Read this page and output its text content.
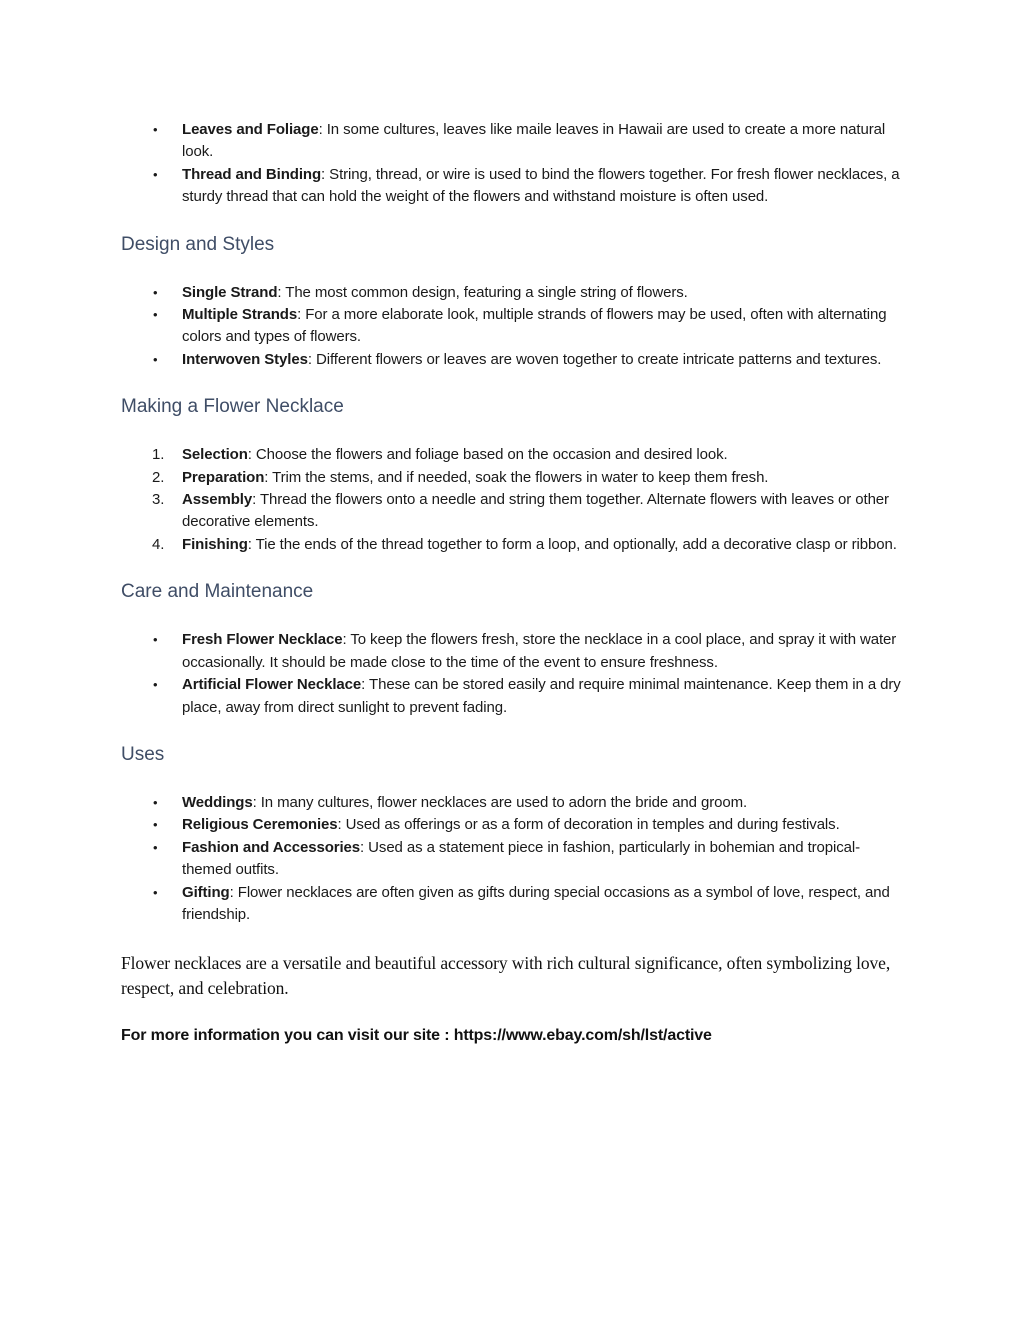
• Leaves and Foliage: In some cultures, leaves like maile leaves in Hawaii are used to create a more natural look.
• Thread and Binding: String, thread, or wire is used to bind the flowers together. For fresh flower necklaces, a sturdy thread that can hold the weight of the flowers and withstand moisture is often used.
Design and Styles
• Single Strand: The most common design, featuring a single string of flowers.
• Multiple Strands: For a more elaborate look, multiple strands of flowers may be used, often with alternating colors and types of flowers.
• Interwoven Styles: Different flowers or leaves are woven together to create intricate patterns and textures.
Making a Flower Necklace
1. Selection: Choose the flowers and foliage based on the occasion and desired look.
2. Preparation: Trim the stems, and if needed, soak the flowers in water to keep them fresh.
3. Assembly: Thread the flowers onto a needle and string them together. Alternate flowers with leaves or other decorative elements.
4. Finishing: Tie the ends of the thread together to form a loop, and optionally, add a decorative clasp or ribbon.
Care and Maintenance
• Fresh Flower Necklace: To keep the flowers fresh, store the necklace in a cool place, and spray it with water occasionally. It should be made close to the time of the event to ensure freshness.
• Artificial Flower Necklace: These can be stored easily and require minimal maintenance. Keep them in a dry place, away from direct sunlight to prevent fading.
Uses
• Weddings: In many cultures, flower necklaces are used to adorn the bride and groom.
• Religious Ceremonies: Used as offerings or as a form of decoration in temples and during festivals.
• Fashion and Accessories: Used as a statement piece in fashion, particularly in bohemian and tropical-themed outfits.
• Gifting: Flower necklaces are often given as gifts during special occasions as a symbol of love, respect, and friendship.

Flower necklaces are a versatile and beautiful accessory with rich cultural significance, often symbolizing love, respect, and celebration.

For more information you can visit our site : https://www.ebay.com/sh/lst/active
